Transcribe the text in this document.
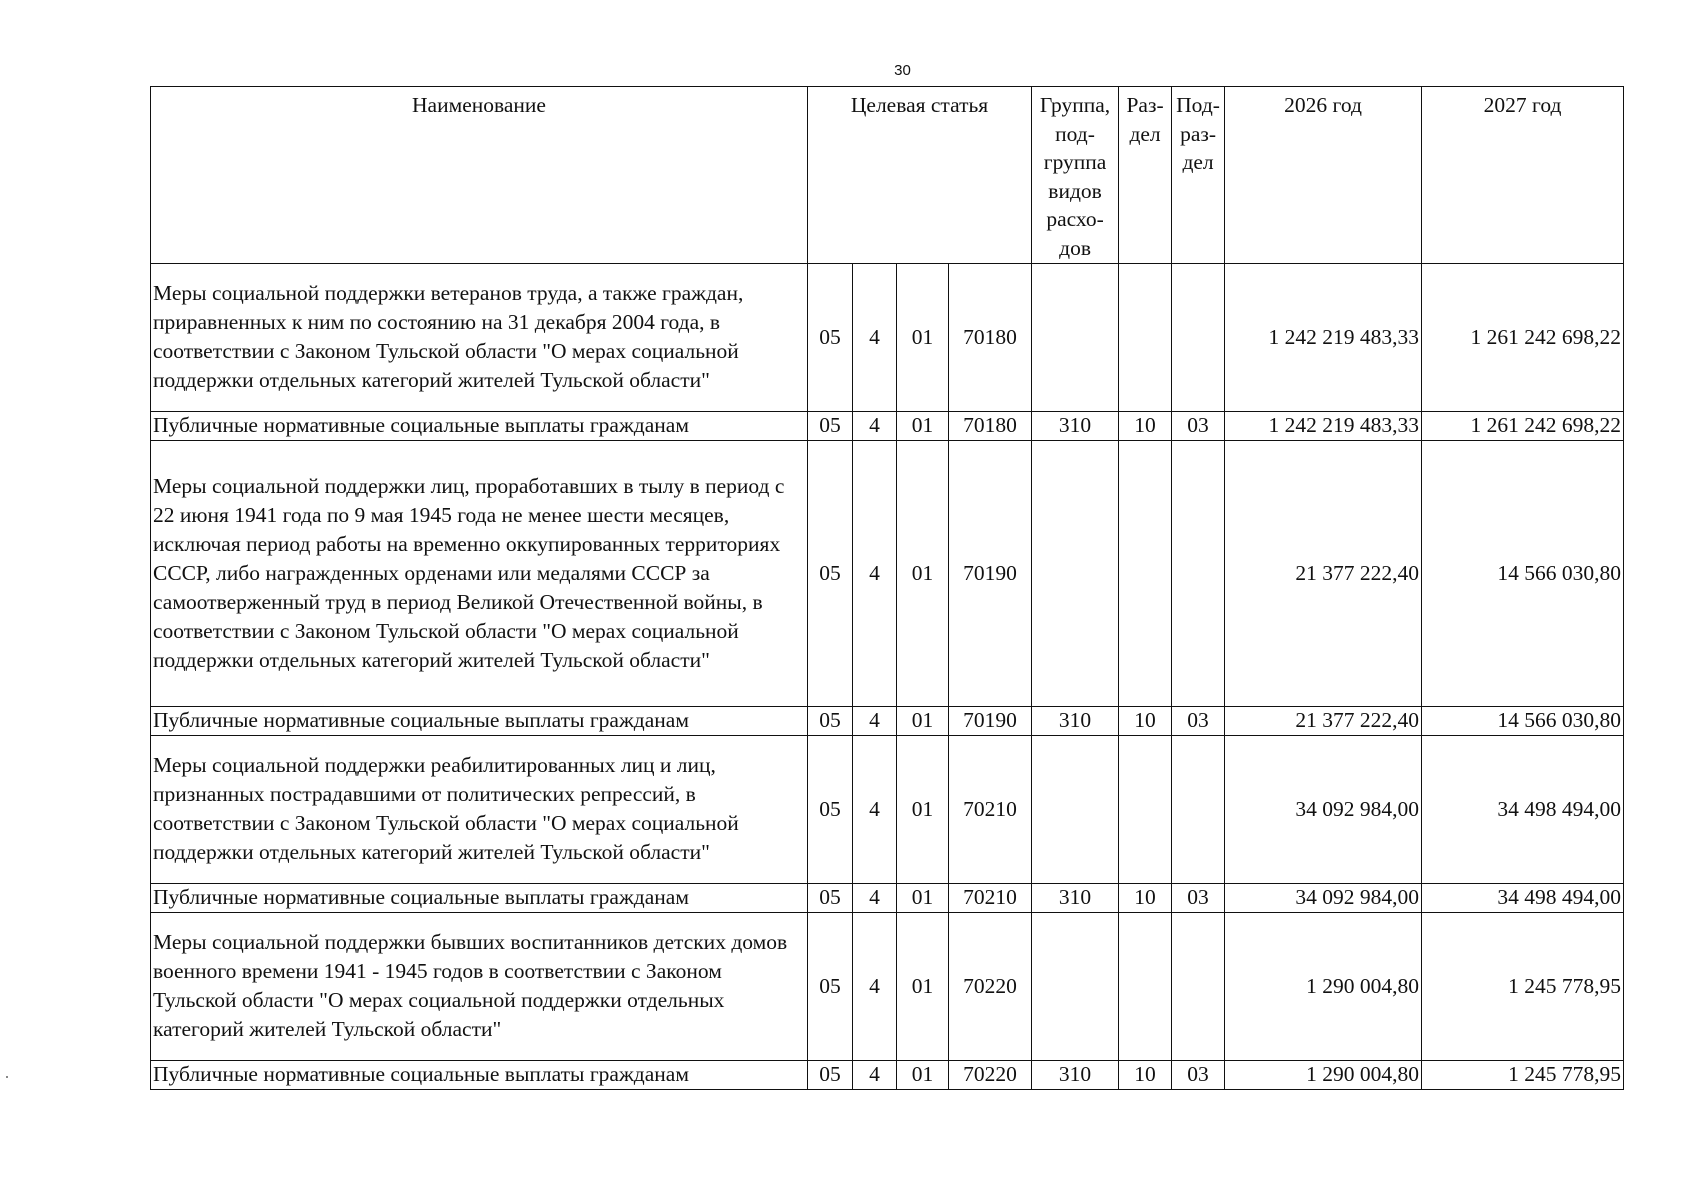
30
Наименование	Целевая статья				Группа, под-группа видов расхо-дов	Раз-дел	Под-раз-дел	2026 год	2027 год
Меры социальной поддержки ветеранов труда, а также граждан, приравненных к ним по состоянию на 31 декабря 2004 года, в соответствии с Законом Тульской области "О мерах социальной поддержки отдельных категорий жителей Тульской области"	05	4	01	70180				1 242 219 483,33	1 261 242 698,22
Публичные нормативные социальные выплаты гражданам	05	4	01	70180	310	10	03	1 242 219 483,33	1 261 242 698,22
Меры социальной поддержки лиц, проработавших в тылу в период с 22 июня 1941 года по 9 мая 1945 года не менее шести месяцев, исключая период работы на временно оккупированных территориях СССР, либо награжденных орденами или медалями СССР за самоотверженный труд в период Великой Отечественной войны, в соответствии с Законом Тульской области "О мерах социальной поддержки отдельных категорий жителей Тульской области"	05	4	01	70190				21 377 222,40	14 566 030,80
Публичные нормативные социальные выплаты гражданам	05	4	01	70190	310	10	03	21 377 222,40	14 566 030,80
Меры социальной поддержки реабилитированных лиц и лиц, признанных пострадавшими от политических репрессий, в соответствии с Законом Тульской области "О мерах социальной поддержки отдельных категорий жителей Тульской области"	05	4	01	70210				34 092 984,00	34 498 494,00
Публичные нормативные социальные выплаты гражданам	05	4	01	70210	310	10	03	34 092 984,00	34 498 494,00
Меры социальной поддержки бывших воспитанников детских домов военного времени 1941 - 1945 годов в соответствии с Законом Тульской области "О мерах социальной поддержки отдельных категорий жителей Тульской области"	05	4	01	70220				1 290 004,80	1 245 778,95
Публичные нормативные социальные выплаты гражданам	05	4	01	70220	310	10	03	1 290 004,80	1 245 778,95
